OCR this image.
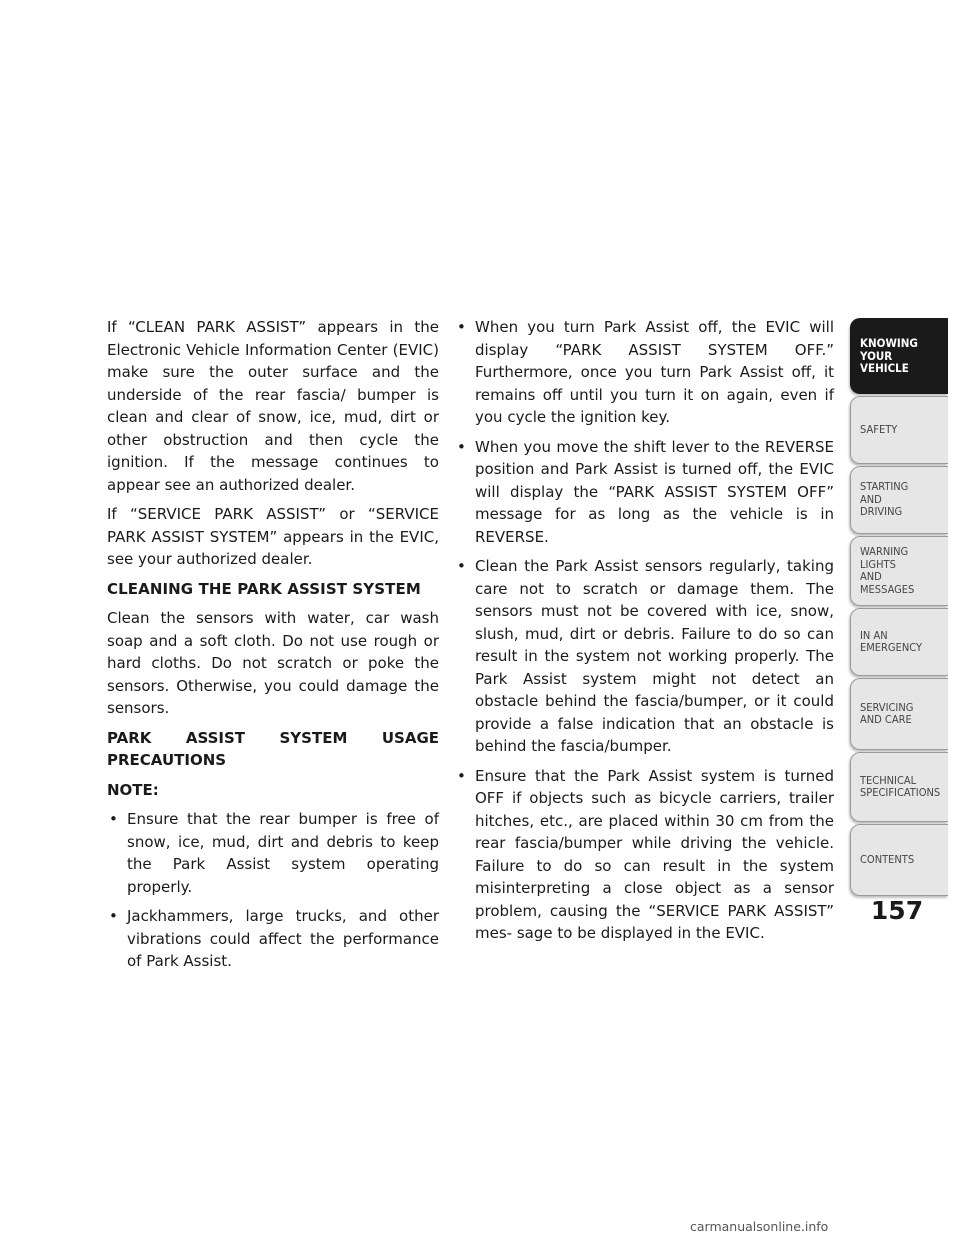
If “CLEAN PARK ASSIST” appears in the Electronic Vehicle Information Center (EVIC) make sure the outer surface and the underside of the rear fascia/ bumper is clean and clear of snow, ice, mud, dirt or other obstruction and then cycle the ignition. If the message continues to appear see an authorized dealer.

If “SERVICE PARK ASSIST” or “SERVICE PARK ASSIST SYSTEM” appears in the EVIC, see your authorized dealer.

CLEANING THE PARK ASSIST SYSTEM

Clean the sensors with water, car wash soap and a soft cloth. Do not use rough or hard cloths. Do not scratch or poke the sensors. Otherwise, you could damage the sensors.

PARK ASSIST SYSTEM USAGE PRECAUTIONS
NOTE:
• Ensure that the rear bumper is free of snow, ice, mud, dirt and debris to keep the Park Assist system operating properly.
• Jackhammers, large trucks, and other vibrations could affect the performance of Park Assist.
• When you turn Park Assist off, the EVIC will display “PARK ASSIST SYSTEM OFF.” Furthermore, once you turn Park Assist off, it remains off until you turn it on again, even if you cycle the ignition key.
• When you move the shift lever to the REVERSE position and Park Assist is turned off, the EVIC will display the “PARK ASSIST SYSTEM OFF” message for as long as the vehicle is in REVERSE.
• Clean the Park Assist sensors regularly, taking care not to scratch or damage them. The sensors must not be covered with ice, snow, slush, mud, dirt or debris. Failure to do so can result in the system not working properly. The Park Assist system might not detect an obstacle behind the fascia/bumper, or it could provide a false indication that an obstacle is behind the fascia/bumper.
• Ensure that the Park Assist system is turned OFF if objects such as bicycle carriers, trailer hitches, etc., are placed within 30 cm from the rear fascia/bumper while driving the vehicle. Failure to do so can result in the system misinterpreting a close object as a sensor problem, causing the “SERVICE PARK ASSIST” mes- sage to be displayed in the EVIC.
KNOWING
YOUR
VEHICLE
SAFETY
STARTING
AND
DRIVING
WARNING
LIGHTS
AND
MESSAGES
IN AN
EMERGENCY
SERVICING
AND CARE
TECHNICAL
SPECIFICATIONS
CONTENTS
157
carmanualsonline.info
